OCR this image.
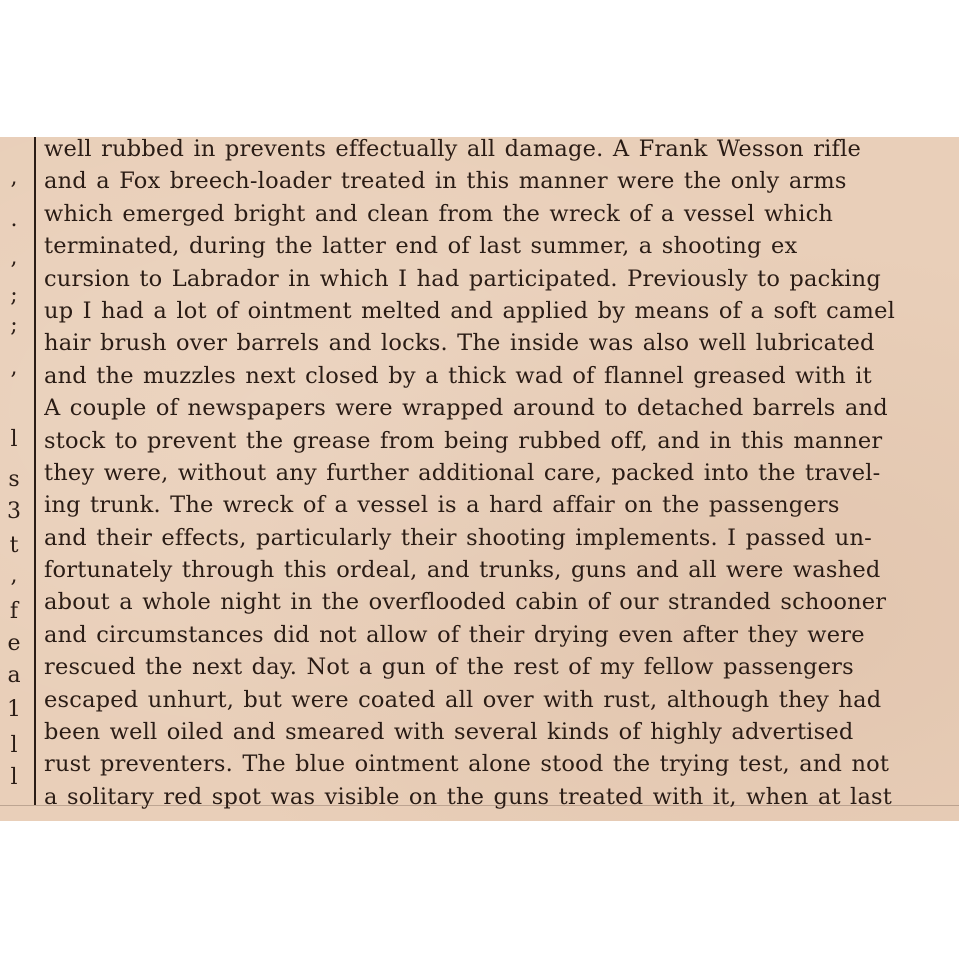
,
.
,
;
;
,
l
s
3
t
,
f
e
a
1
l
l
well rubbed in prevents effectually all damage. A Frank Wesson rifle
and a Fox breech-loader treated in this manner were the only arms
which emerged bright and clean from the wreck of a vessel which
terminated, during the latter end of last summer, a shooting ex
cursion to Labrador in which I had participated. Previously to packing
up I had a lot of ointment melted and applied by means of a soft camel
hair brush over barrels and locks. The inside was also well lubricated
and the muzzles next closed by a thick wad of flannel greased with it
A couple of newspapers were wrapped around to detached barrels and
stock to prevent the grease from being rubbed off, and in this manner
they were, without any further additional care, packed into the travel-
ing trunk. The wreck of a vessel is a hard affair on the passengers
and their effects, particularly their shooting implements. I passed un-
fortunately through this ordeal, and trunks, guns and all were washed
about a whole night in the overflooded cabin of our stranded schooner
and circumstances did not allow of their drying even after they were
rescued the next day. Not a gun of the rest of my fellow passengers
escaped unhurt, but were coated all over with rust, although they had
been well oiled and smeared with several kinds of highly advertised
rust preventers. The blue ointment alone stood the trying test, and not
a solitary red spot was visible on the guns treated with it, when at last
